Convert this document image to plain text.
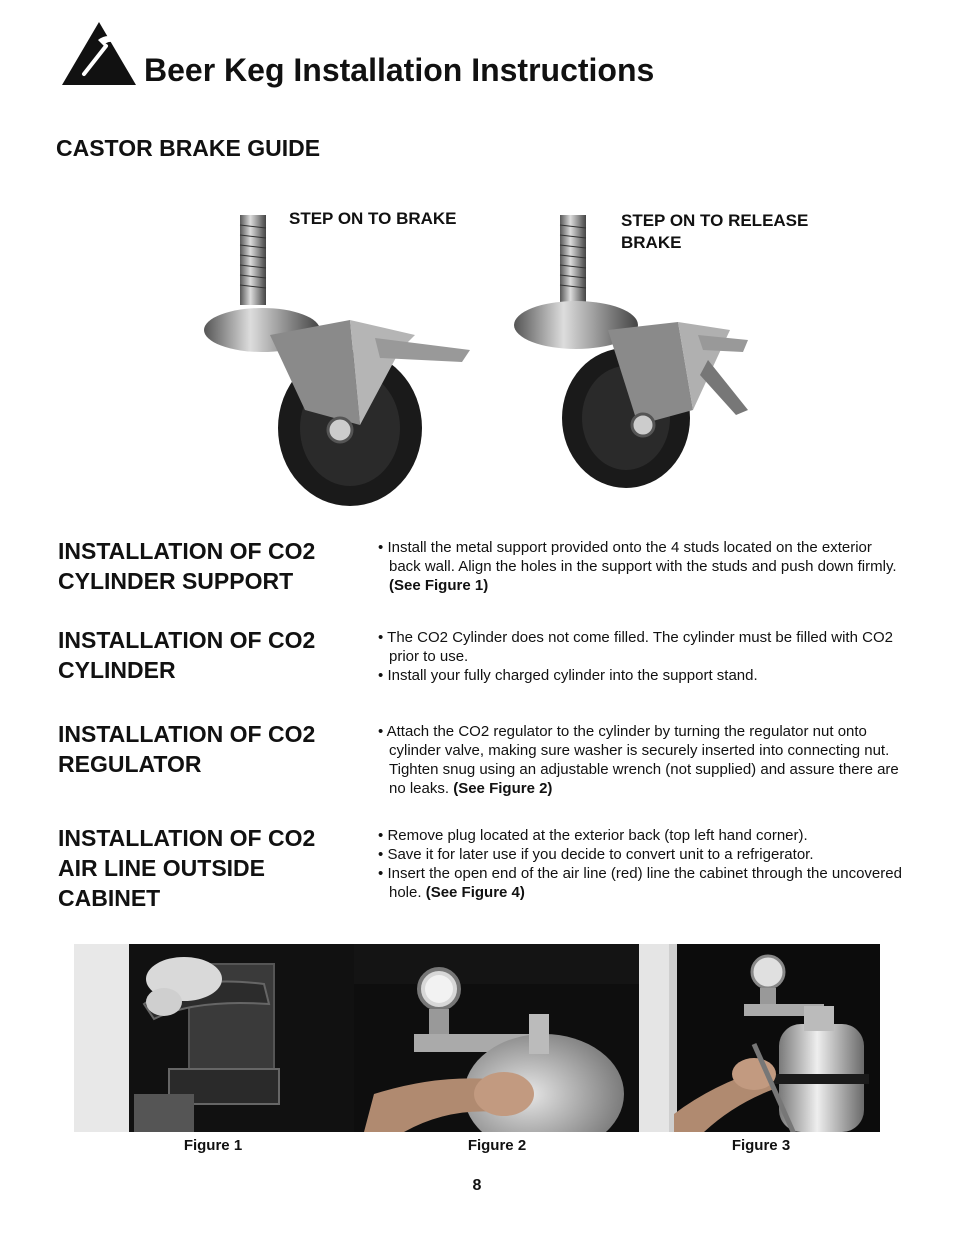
Beer Keg Installation Instructions
CASTOR BRAKE GUIDE
STEP ON TO BRAKE	STEP ON TO RELEASE BRAKE
INSTALLATION OF CO2 CYLINDER SUPPORT

• Install the metal support provided onto the 4 studs located on the exterior back wall. Align the holes in the support with the studs and push down firmly. (See Figure 1)

INSTALLATION OF CO2 CYLINDER

• The CO2 Cylinder does not come filled. The cylinder must be filled with CO2 prior to use.

• Install your fully charged cylinder into the support stand.

INSTALLATION OF CO2 REGULATOR

• Attach the CO2 regulator to the cylinder by turning the regulator nut onto cylinder valve, making sure washer is securely inserted into connecting nut. Tighten snug using an adjustable wrench (not supplied) and assure there are no leaks. (See Figure 2)

INSTALLATION OF CO2 AIR LINE OUTSIDE CABINET

• Remove plug located at the exterior back (top left hand corner).

• Save it for later use if you decide to convert unit to a refrigerator.

• Insert the open end of the air line (red) line the cabinet through the uncovered hole. (See Figure 4)

Figure 1	Figure 2	Figure 3
8
